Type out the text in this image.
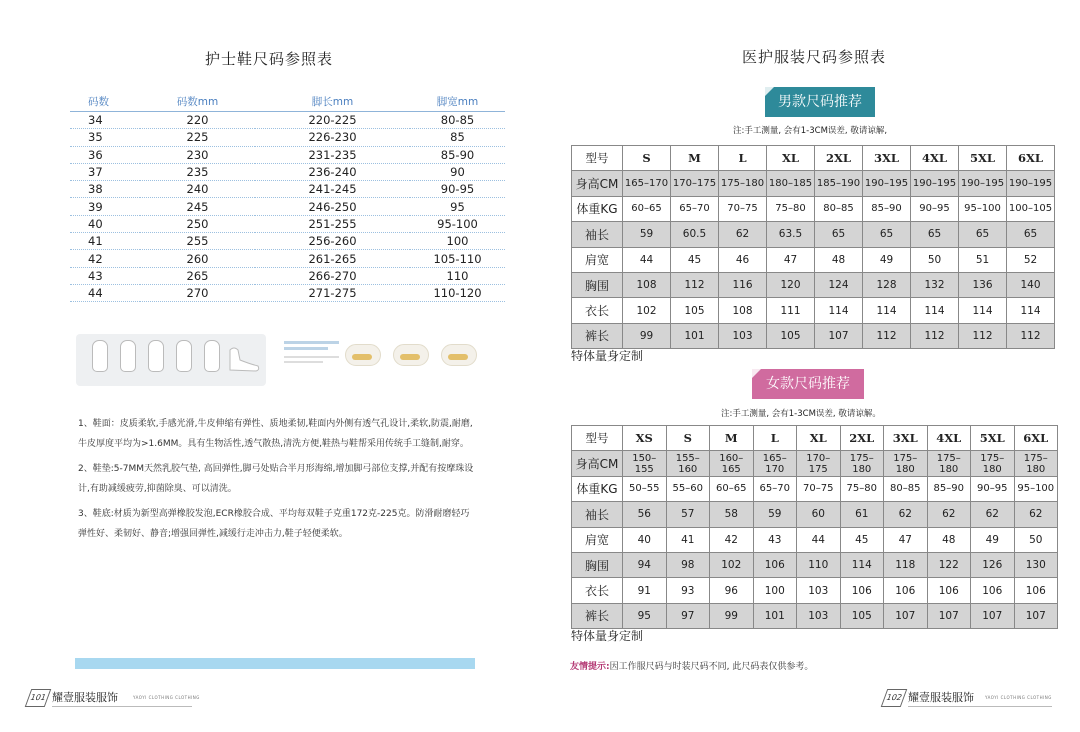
护士鞋尺码参照表
码数	码数mm	脚长mm	脚宽mm
34	220	220-225	80-85
35	225	226-230	85
36	230	231-235	85-90
37	235	236-240	90
38	240	241-245	90-95
39	245	246-250	95
40	250	251-255	95-100
41	255	256-260	100
42	260	261-265	105-110
43	265	266-270	110
44	270	271-275	110-120

1、鞋面：皮质柔软,手感光滑,牛皮伸缩有弹性、质地柔韧,鞋面内外侧有透气孔设计,柔软,防震,耐磨,牛皮厚度平均为>1.6MM。具有生物活性,透气散热,清洗方便,鞋热与鞋帮采用传统手工缝制,耐穿。

2、鞋垫:5-7MM天然乳胶气垫, 高回弹性,脚弓处贴合半月形海绵,增加脚弓部位支撑,并配有按摩珠设计,有助减缓疲劳,抑菌除臭、可以清洗。

3、鞋底:材质为新型高弹橡胶发泡,ECR橡胶合成、平均每双鞋子克重172克-225克。防滑耐磨轻巧弹性好、柔韧好、静音;增强回弹性,减缓行走冲击力,鞋子轻便柔软。

101 耀壹服装服饰	YAOYI CLOTHING CLOTHING
医护服装尺码参照表
男款尺码推荐
注:手工测量, 会有1-3CM误差, 敬请谅解,
型号	S	M	L	XL	2XL	3XL	4XL	5XL	6XL
身高CM	165–170	170–175	175–180	180–185	185–190	190–195	190–195	190–195	190–195
体重KG	60–65	65–70	70–75	75–80	80–85	85–90	90–95	95–100	100–105
袖长	59	60.5	62	63.5	65	65	65	65	65
肩宽	44	45	46	47	48	49	50	51	52
胸围	108	112	116	120	124	128	132	136	140
衣长	102	105	108	111	114	114	114	114	114
裤长	99	101	103	105	107	112	112	112	112
特体量身定制
女款尺码推荐
注:手工测量, 会有1-3CM误差, 敬请谅解。
型号	XS	S	M	L	XL	2XL	3XL	4XL	5XL	6XL
身高CM	150–155	155–160	160–165	165–170	170–175	175–180	175–180	175–180	175–180	175–180
体重KG	50–55	55–60	60–65	65–70	70–75	75–80	80–85	85–90	90–95	95–100
袖长	56	57	58	59	60	61	62	62	62	62
肩宽	40	41	42	43	44	45	47	48	49	50
胸围	94	98	102	106	110	114	118	122	126	130
衣长	91	93	96	100	103	106	106	106	106	106
裤长	95	97	99	101	103	105	107	107	107	107
特体量身定制
友情提示:因工作服尺码与时装尺码不同, 此尺码表仅供参考。
102 耀壹服装服饰	YAOYI CLOTHING CLOTHING
